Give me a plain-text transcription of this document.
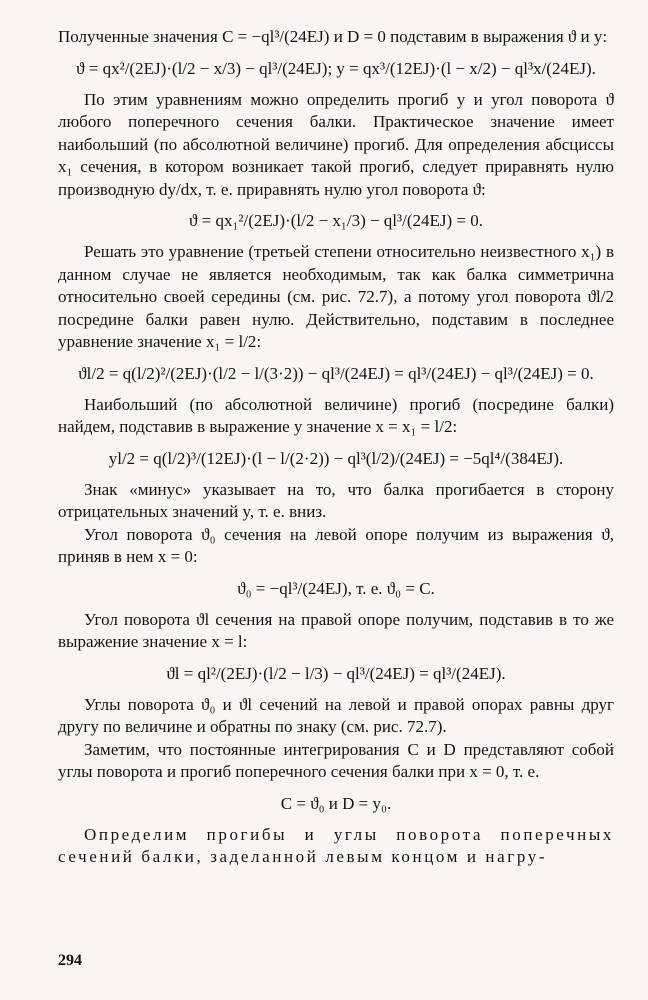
Полученные значения C = −ql³/(24EJ) и D = 0 подставим в выражения ϑ и y:

ϑ = qx²/(2EJ)·(l/2 − x/3) − ql³/(24EJ); y = qx³/(12EJ)·(l − x/2) − ql³x/(24EJ).

По этим уравнениям можно определить прогиб y и угол поворота ϑ любого поперечного сечения балки. Практическое значение имеет наибольший (по абсолютной величине) прогиб. Для определения абсциссы x₁ сечения, в котором возникает такой прогиб, следует приравнять нулю производную dy/dx, т. е. приравнять нулю угол поворота ϑ:

ϑ = qx₁²/(2EJ)·(l/2 − x₁/3) − ql³/(24EJ) = 0.

Решать это уравнение (третьей степени относительно неизвестного x₁) в данном случае не является необходимым, так как балка симметрична относительно своей середины (см. рис. 72.7), а потому угол поворота ϑl/2 посредине балки равен нулю. Действительно, подставим в последнее уравнение значение x₁ = l/2:

ϑl/2 = q(l/2)²/(2EJ)·(l/2 − l/(3·2)) − ql³/(24EJ) = ql³/(24EJ) − ql³/(24EJ) = 0.

Наибольший (по абсолютной величине) прогиб (посредине балки) найдем, подставив в выражение y значение x = x₁ = l/2:

yl/2 = q(l/2)³/(12EJ)·(l − l/(2·2)) − ql³(l/2)/(24EJ) = −5ql⁴/(384EJ).

Знак «минус» указывает на то, что балка прогибается в сторону отрицательных значений y, т. е. вниз.

Угол поворота ϑ₀ сечения на левой опоре получим из выражения ϑ, приняв в нем x = 0:

ϑ₀ = −ql³/(24EJ), т. е. ϑ₀ = C.

Угол поворота ϑl сечения на правой опоре получим, подставив в то же выражение значение x = l:

ϑl = ql²/(2EJ)·(l/2 − l/3) − ql³/(24EJ) = ql³/(24EJ).

Углы поворота ϑ₀ и ϑl сечений на левой и правой опорах равны друг другу по величине и обратны по знаку (см. рис. 72.7).

Заметим, что постоянные интегрирования C и D представляют собой углы поворота и прогиб поперечного сечения балки при x = 0, т. е.

C = ϑ₀ и D = y₀.

Определим прогибы и углы поворота поперечных сечений балки, заделанной левым концом и нагру-

294
